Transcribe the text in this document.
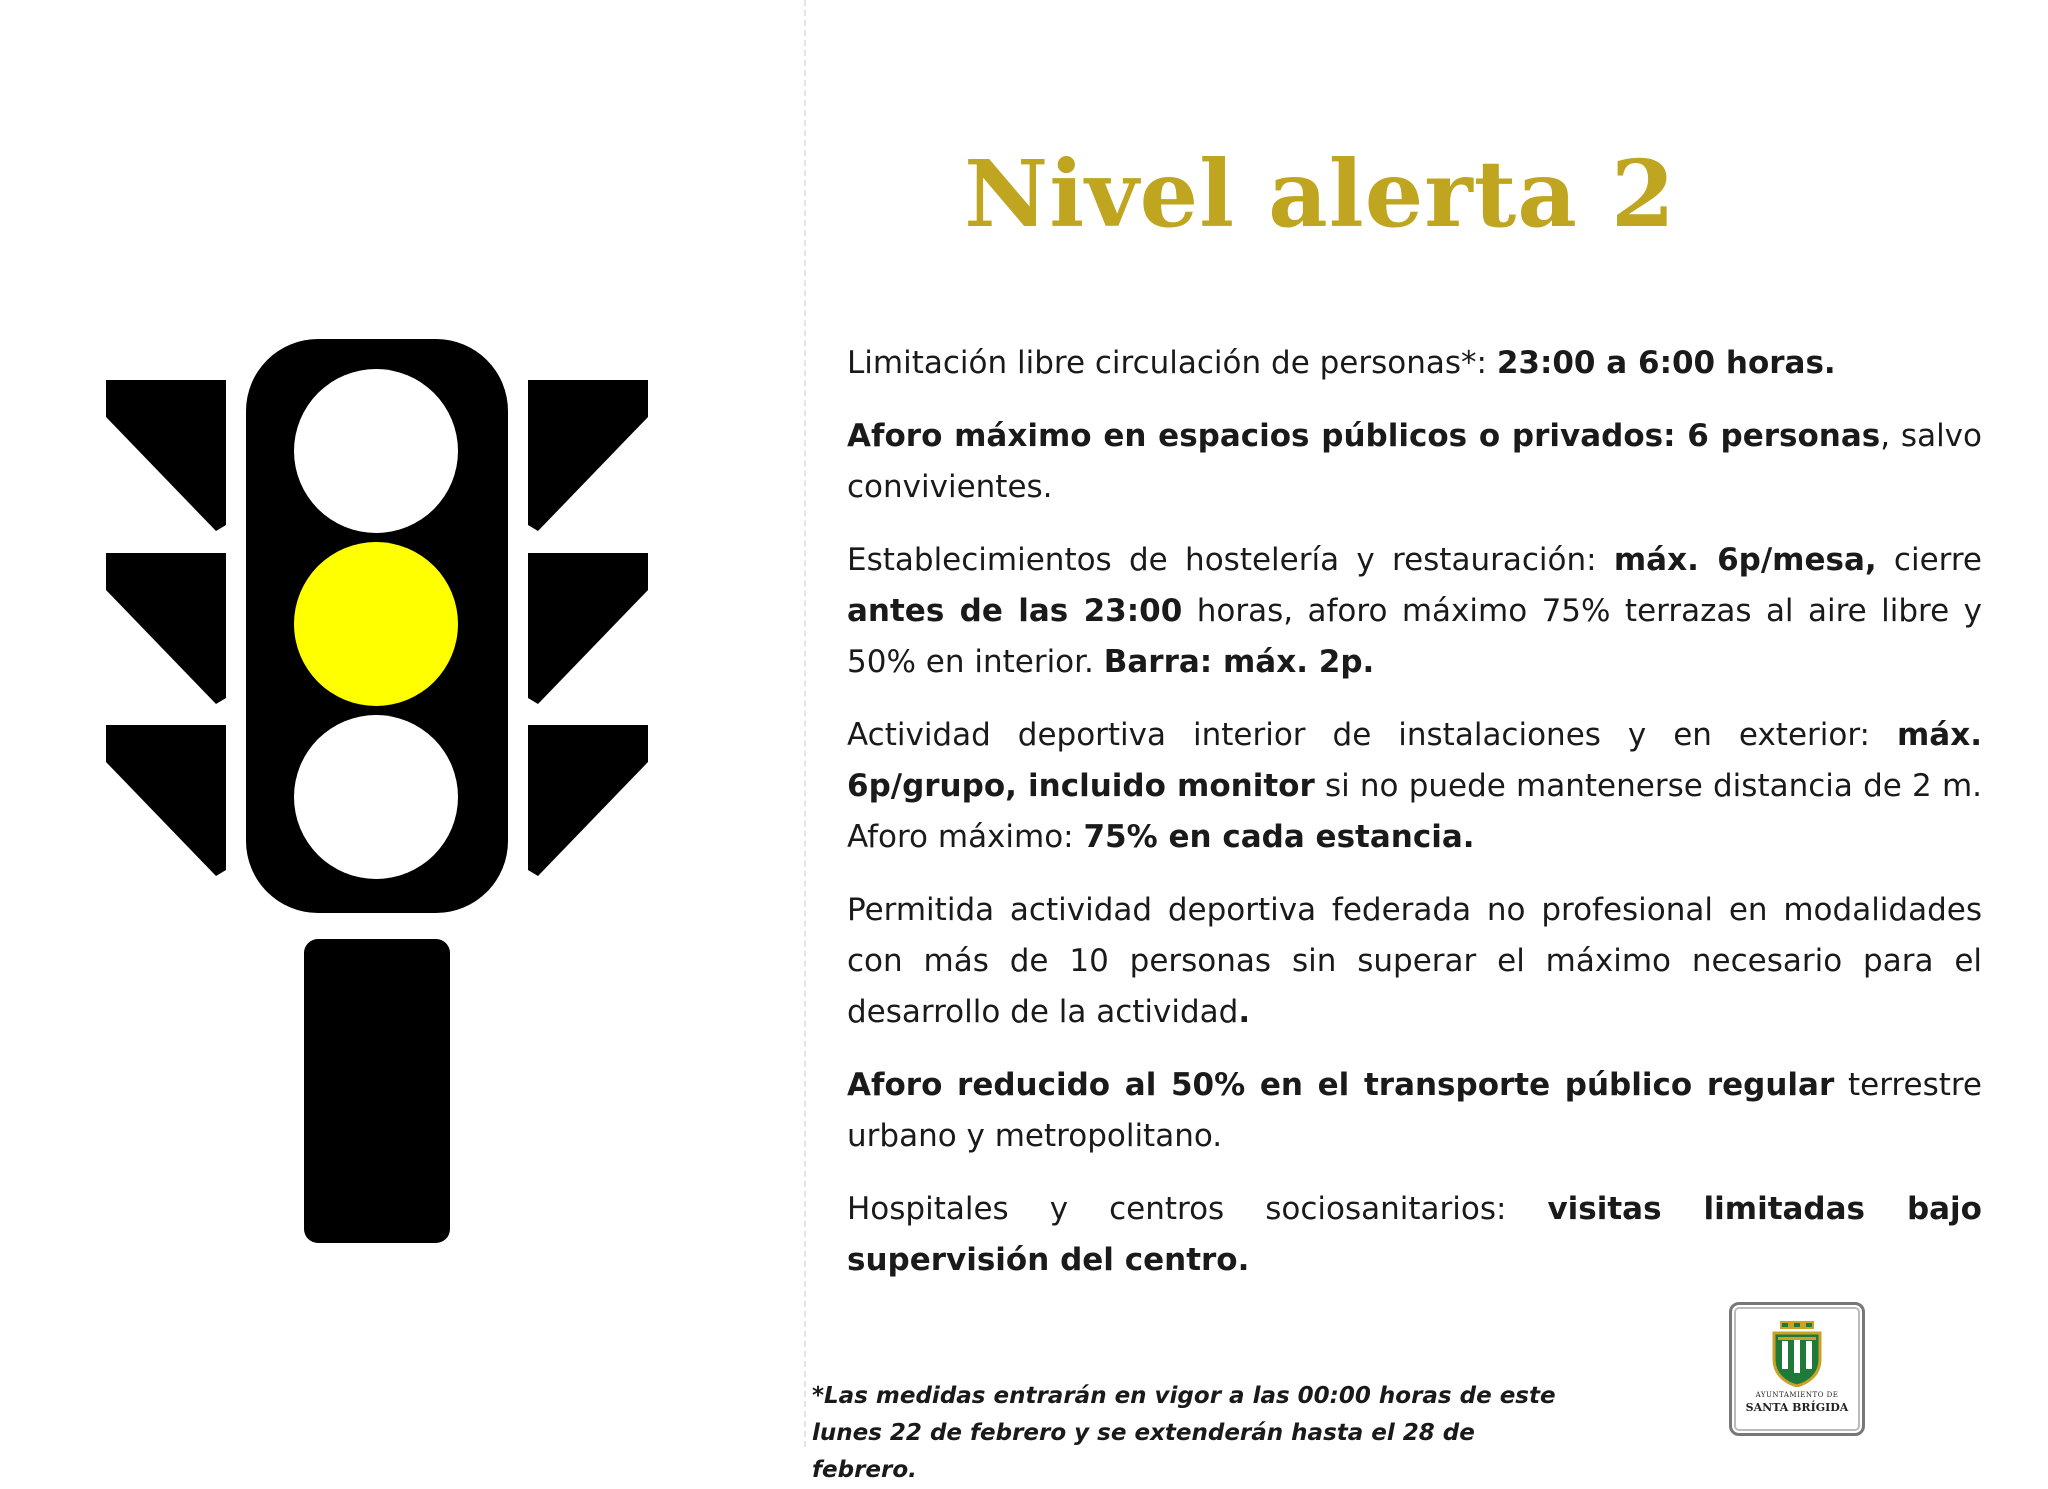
Nivel alerta 2

Limitación libre circulación de personas*: 23:00 a 6:00 horas.

Aforo máximo en espacios públicos o privados: 6 personas, salvo convivientes.

Establecimientos de hostelería y restauración: máx. 6p/mesa, cierre antes de las 23:00 horas, aforo máximo 75% terrazas al aire libre y 50% en interior. Barra: máx. 2p.

Actividad deportiva interior de instalaciones y en exterior: máx. 6p/grupo, incluido monitor si no puede mantenerse distancia de 2 m. Aforo máximo: 75% en cada estancia.

Permitida actividad deportiva federada no profesional en modalidades con más de 10 personas sin superar el máximo necesario para el desarrollo de la actividad.

Aforo reducido al 50% en el transporte público regular terrestre urbano y metropolitano.

Hospitales y centros sociosanitarios: visitas limitadas bajo supervisión del centro.

*Las medidas entrarán en vigor a las 00:00 horas de este
lunes 22 de febrero y se extenderán hasta el 28 de febrero.
AYUNTAMIENTO DE
SANTA BRÍGIDA
